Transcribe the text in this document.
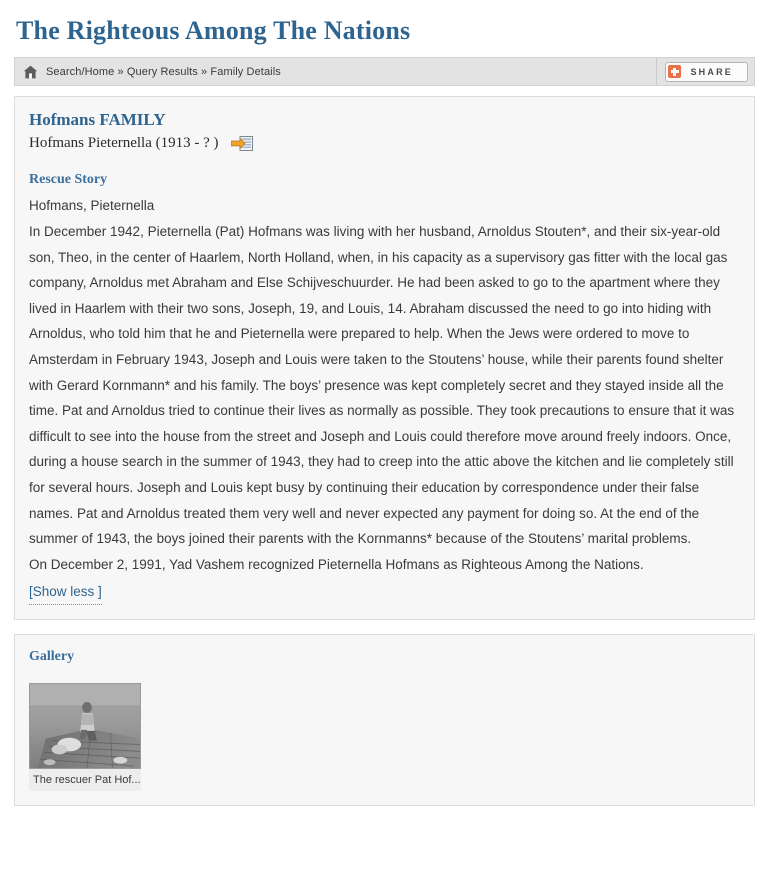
The Righteous Among The Nations
Search/Home » Query Results » Family Details	SHARE
Hofmans FAMILY
Hofmans Pieternella (1913 - ? )
Rescue Story
Hofmans, Pieternella
In December 1942, Pieternella (Pat) Hofmans was living with her husband, Arnoldus Stouten*, and their six-year-old son, Theo, in the center of Haarlem, North Holland, when, in his capacity as a supervisory gas fitter with the local gas company, Arnoldus met Abraham and Else Schijveschuurder. He had been asked to go to the apartment where they lived in Haarlem with their two sons, Joseph, 19, and Louis, 14. Abraham discussed the need to go into hiding with Arnoldus, who told him that he and Pieternella were prepared to help. When the Jews were ordered to move to Amsterdam in February 1943, Joseph and Louis were taken to the Stoutens’ house, while their parents found shelter with Gerard Kornmann* and his family. The boys’ presence was kept completely secret and they stayed inside all the time. Pat and Arnoldus tried to continue their lives as normally as possible. They took precautions to ensure that it was difficult to see into the house from the street and Joseph and Louis could therefore move around freely indoors. Once, during a house search in the summer of 1943, they had to creep into the attic above the kitchen and lie completely still for several hours. Joseph and Louis kept busy by continuing their education by correspondence under their false names. Pat and Arnoldus treated them very well and never expected any payment for doing so. At the end of the summer of 1943, the boys joined their parents with the Kornmanns* because of the Stoutens’ marital problems.
On December 2, 1991, Yad Vashem recognized Pieternella Hofmans as Righteous Among the Nations.
[Show less ]
Gallery
The rescuer Pat Hof...
